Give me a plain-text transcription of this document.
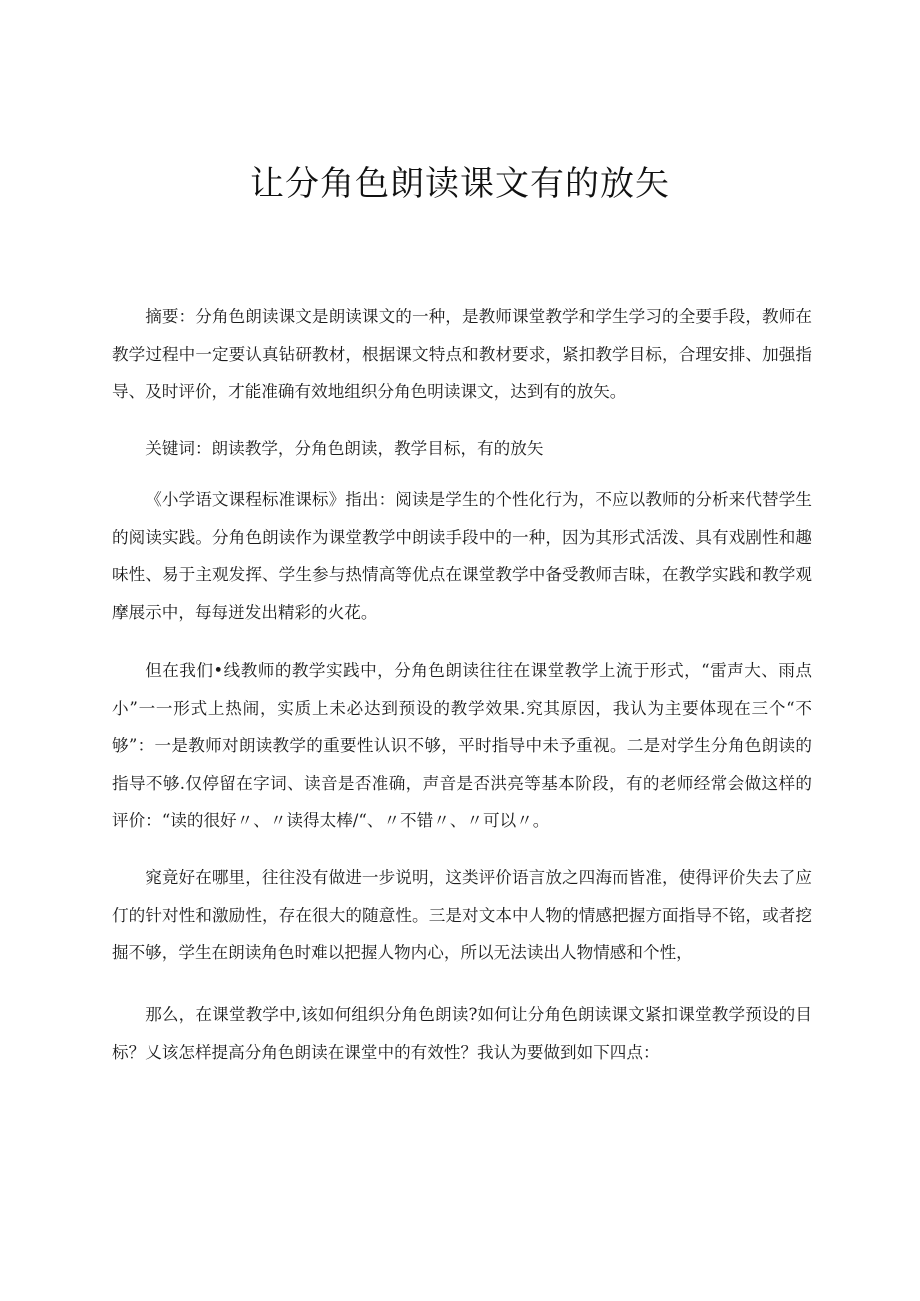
让分角色朗读课文有的放矢

摘要：分角色朗读课文是朗读课文的一种，是教师课堂教学和学生学习的全要手段，教师在教学过程中一定要认真钻研教材，根据课文特点和教材要求，紧扣教学目标，合理安排、加强指导、及时评价，才能准确有效地组织分角色明读课文，达到有的放矢。

关键词：朗读教学，分角色朗读，教学目标，有的放矢

《小学语文课程标准课标》指出：阅读是学生的个性化行为，不应以教师的分析来代替学生的阅读实践。分角色朗读作为课堂教学中朗读手段中的一种，因为其形式活泼、具有戏剧性和趣味性、易于主观发挥、学生参与热情高等优点在课堂教学中备受教师吉昧，在教学实践和教学观摩展示中，每每迸发出精彩的火花。

但在我们•线教师的教学实践中，分角色朗读往往在课堂教学上流于形式，“雷声大、雨点小”一一形式上热闹，实质上未必达到预设的教学效果.究其原因，我认为主要体现在三个“不够”：一是教师对朗读教学的重要性认识不够，平时指导中未予重视。二是对学生分角色朗读的指导不够.仅停留在字词、读音是否准确，声音是否洪亮等基本阶段，有的老师经常会做这样的评价：“读的很好〃、〃读得太棒/“、〃不错〃、〃可以〃。

窕竟好在哪里，往往没有做进一步说明，这类评价语言放之四海而皆准，使得评价失去了应仃的针对性和激励性，存在很大的随意性。三是对文本中人物的情感把握方面指导不铭，或者挖掘不够，学生在朗读角色时难以把握人物内心，所以无法读出人物情感和个性，

那么，在课堂教学中,该如何组织分角色朗读?如何让分角色朗读课文紧扣课堂教学预设的目标？乂该怎样提高分角色朗读在课堂中的有效性？我认为要做到如下四点：
